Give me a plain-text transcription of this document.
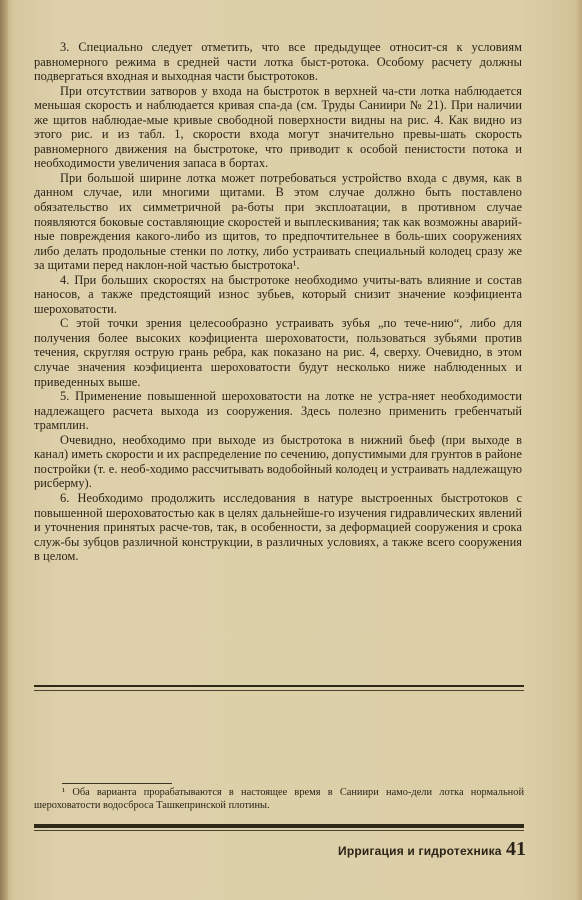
3. Специально следует отметить, что все предыдущее относит-ся к условиям равномерного режима в средней части лотка быст-ротока. Особому расчету должны подвергаться входная и выходная части быстротоков.

При отсутствии затворов у входа на быстроток в верхней ча-сти лотка наблюдается меньшая скорость и наблюдается кривая спа-да (см. Труды Саниири № 21). При наличии же щитов наблюдае-мые кривые свободной поверхности видны на рис. 4. Как видно из этого рис. и из табл. 1, скорости входа могут значительно превы-шать скорость равномерного движения на быстротоке, что приводит к особой пенистости потока и необходимости увеличения запаса в бортах.

При большой ширине лотка может потребоваться устройство входа с двумя, как в данном случае, или многими щитами. В этом случае должно быть поставлено обязательство их симметричной ра-боты при эксплоатации, в противном случае появляются боковые составляющие скоростей и выплескивания; так как возможны аварий-ные повреждения какого-либо из щитов, то предпочтительнее в боль-ших сооружениях либо делать продольные стенки по лотку, либо устраивать специальный колодец сразу же за щитами перед наклон-ной частью быстротока¹.

4. При больших скоростях на быстротоке необходимо учиты-вать влияние и состав наносов, а также предстоящий износ зубьев, который снизит значение коэфициента шероховатости.

С этой точки зрения целесообразно устраивать зубья „по тече-нию“, либо для получения более высоких коэфициента шероховатости, пользоваться зубьями против течения, скругляя острую грань ребра, как показано на рис. 4, сверху. Очевидно, в этом случае значения коэфициента шероховатости будут несколько ниже наблюденных и приведенных выше.

5. Применение повышенной шероховатости на лотке не устра-няет необходимости надлежащего расчета выхода из сооружения. Здесь полезно применить гребенчатый трамплин.

Очевидно, необходимо при выходе из быстротока в нижний бьеф (при выходе в канал) иметь скорости и их распределение по сечению, допустимыми для грунтов в районе постройки (т. е. необ-ходимо рассчитывать водобойный колодец и устраивать надлежащую рисберму).

6. Необходимо продолжить исследования в натуре выстроенных быстротоков с повышенной шероховатостью как в целях дальнейше-го изучения гидравлических явлений и уточнения принятых расче-тов, так, в особенности, за деформацией сооружения и срока служ-бы зубцов различной конструкции, в различных условиях, а также всего сооружения в целом.

¹ Оба варианта прорабатываются в настоящее время в Саниири намо-дели лотка нормальной шероховатости водосброса Ташкепринской плотины.

Ирригация и гидротехника 41
